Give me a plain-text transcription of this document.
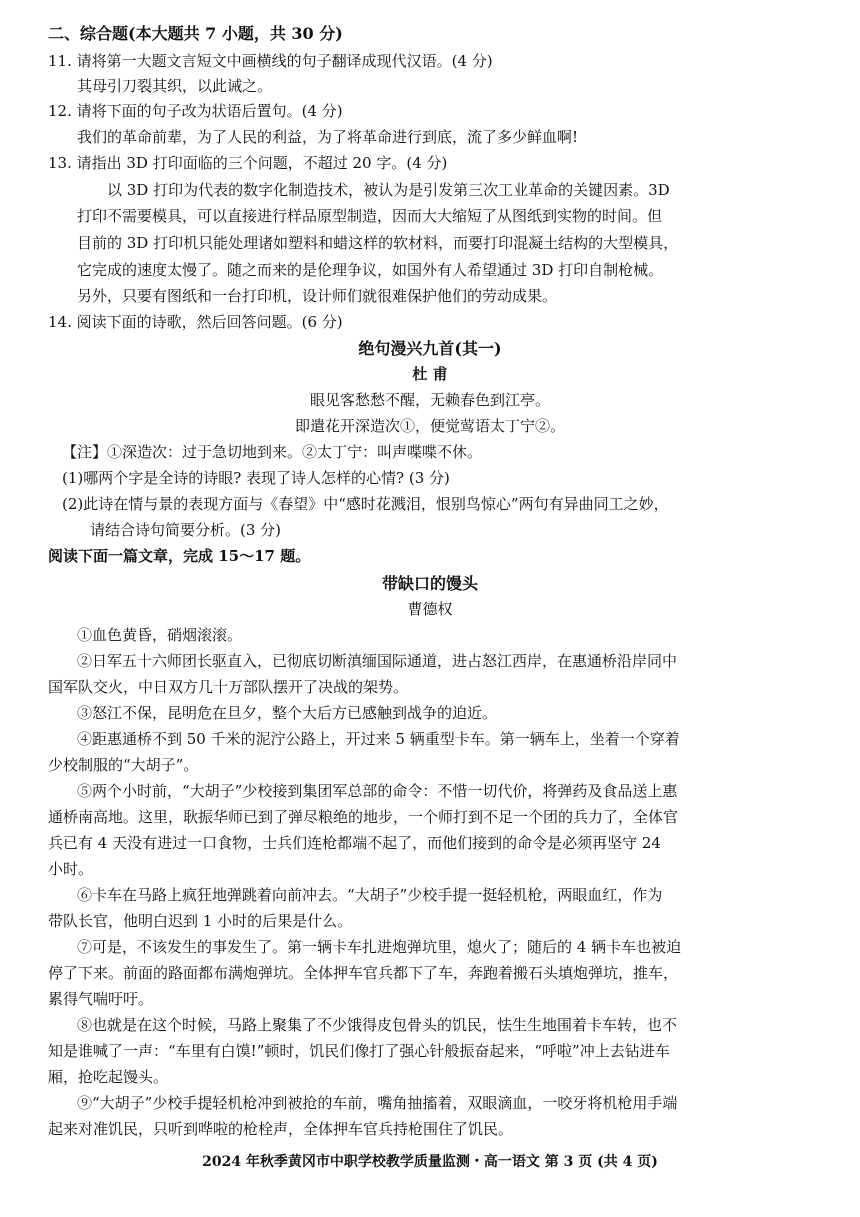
二、综合题(本大题共 7 小题，共 30 分)
11. 请将第一大题文言短文中画横线的句子翻译成现代汉语。(4 分)
其母引刀裂其织，以此诫之。
12. 请将下面的句子改为状语后置句。(4 分)
我们的革命前辈，为了人民的利益，为了将革命进行到底，流了多少鲜血啊!
13. 请指出 3D 打印面临的三个问题，不超过 20 字。(4 分)
以 3D 打印为代表的数字化制造技术，被认为是引发第三次工业革命的关键因素。3D
打印不需要模具，可以直接进行样品原型制造，因而大大缩短了从图纸到实物的时间。但
目前的 3D 打印机只能处理诸如塑料和蜡这样的软材料，而要打印混凝土结构的大型模具，
它完成的速度太慢了。随之而来的是伦理争议，如国外有人希望通过 3D 打印自制枪械。
另外，只要有图纸和一台打印机，设计师们就很难保护他们的劳动成果。
14. 阅读下面的诗歌，然后回答问题。(6 分)
绝句漫兴九首(其一)
杜 甫
眼见客愁愁不醒，无赖春色到江亭。
即遣花开深造次①，便觉莺语太丁宁②。
【注】①深造次：过于急切地到来。②太丁宁：叫声喋喋不休。
(1)哪两个字是全诗的诗眼? 表现了诗人怎样的心情? (3 分)
(2)此诗在情与景的表现方面与《春望》中“感时花溅泪，恨别鸟惊心”两句有异曲同工之妙，
请结合诗句简要分析。(3 分)
阅读下面一篇文章，完成 15～17 题。
带缺口的馒头
曹德权
①血色黄昏，硝烟滚滚。
②日军五十六师团长驱直入，已彻底切断滇缅国际通道，进占怒江西岸，在惠通桥沿岸同中
国军队交火，中日双方几十万部队摆开了决战的架势。
③怒江不保，昆明危在旦夕，整个大后方已感触到战争的迫近。
④距惠通桥不到 50 千米的泥泞公路上，开过来 5 辆重型卡车。第一辆车上，坐着一个穿着
少校制服的“大胡子”。
⑤两个小时前，“大胡子”少校接到集团军总部的命令：不惜一切代价，将弹药及食品送上惠
通桥南高地。这里，耿振华师已到了弹尽粮绝的地步，一个师打到不足一个团的兵力了，全体官
兵已有 4 天没有进过一口食物，士兵们连枪都端不起了，而他们接到的命令是必须再坚守 24
小时。
⑥卡车在马路上疯狂地弹跳着向前冲去。“大胡子”少校手提一挺轻机枪，两眼血红，作为
带队长官，他明白迟到 1 小时的后果是什么。
⑦可是，不该发生的事发生了。第一辆卡车扎进炮弹坑里，熄火了；随后的 4 辆卡车也被迫
停了下来。前面的路面都布满炮弹坑。全体押车官兵都下了车，奔跑着搬石头填炮弹坑，推车，
累得气喘吁吁。
⑧也就是在这个时候，马路上聚集了不少饿得皮包骨头的饥民，怯生生地围着卡车转，也不
知是谁喊了一声：“车里有白馍!”顿时，饥民们像打了强心针般振奋起来，“呼啦”冲上去钻进车
厢，抢吃起馒头。
⑨“大胡子”少校手提轻机枪冲到被抢的车前，嘴角抽搐着，双眼滴血，一咬牙将机枪用手端
起来对准饥民，只听到哗啦的枪栓声，全体押车官兵持枪围住了饥民。
2024 年秋季黄冈市中职学校教学质量监测・高一语文 第 3 页 (共 4 页)
